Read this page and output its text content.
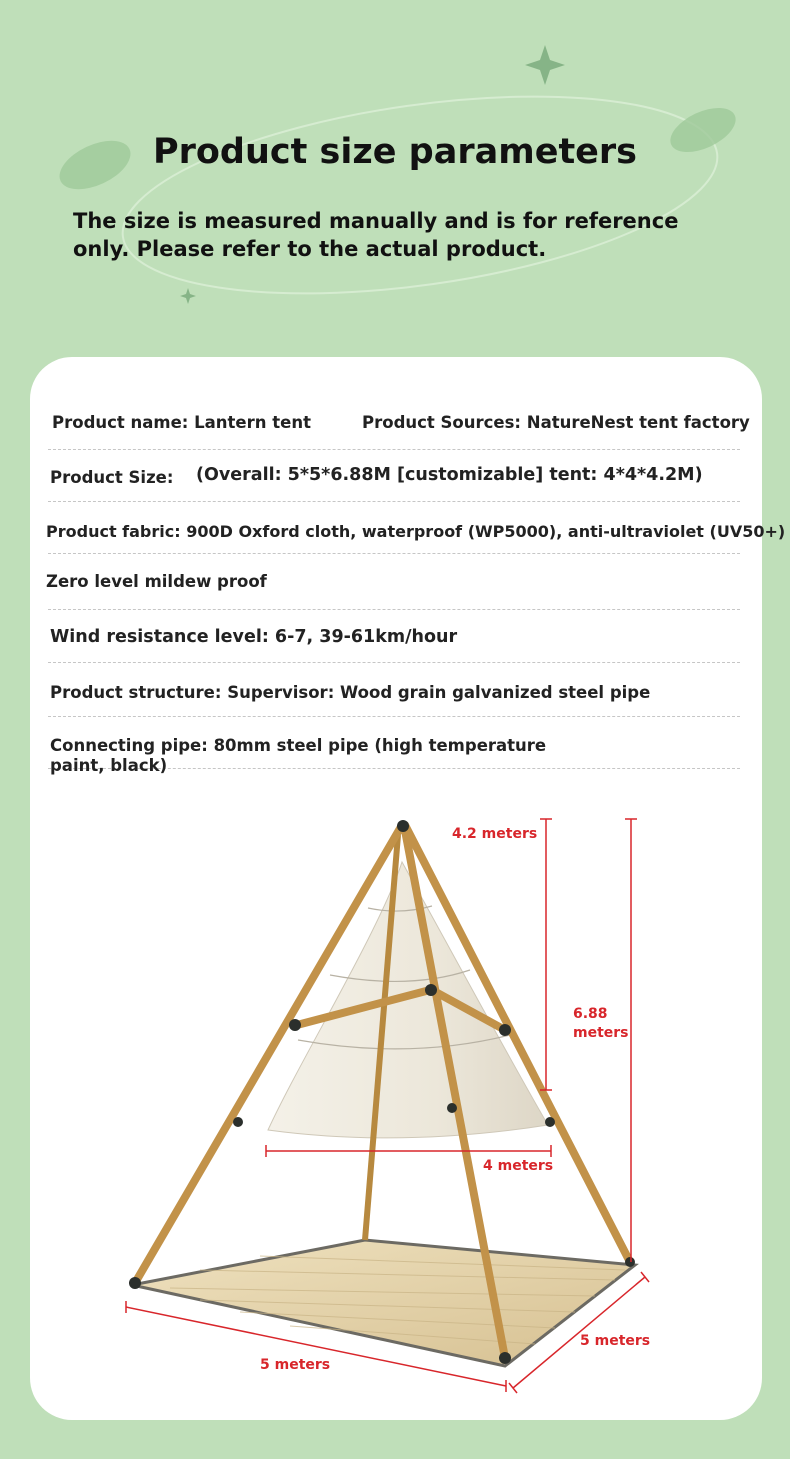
Product size parameters
The size is measured manually and is for reference only. Please refer to the actual product.
Product name: Lantern tent	Product Sources: NatureNest tent factory
Product Size: (Overall: 5*5*6.88M [customizable] tent: 4*4*4.2M)
Product fabric: 900D Oxford cloth, waterproof (WP5000), anti-ultraviolet (UV50+)
Zero level mildew proof
Wind resistance level: 6-7, 39-61km/hour
Product structure: Supervisor: Wood grain galvanized steel pipe
Connecting pipe: 80mm steel pipe (high temperature
paint, black)
4.2 meters
6.88
meters
4 meters
5 meters
5 meters
